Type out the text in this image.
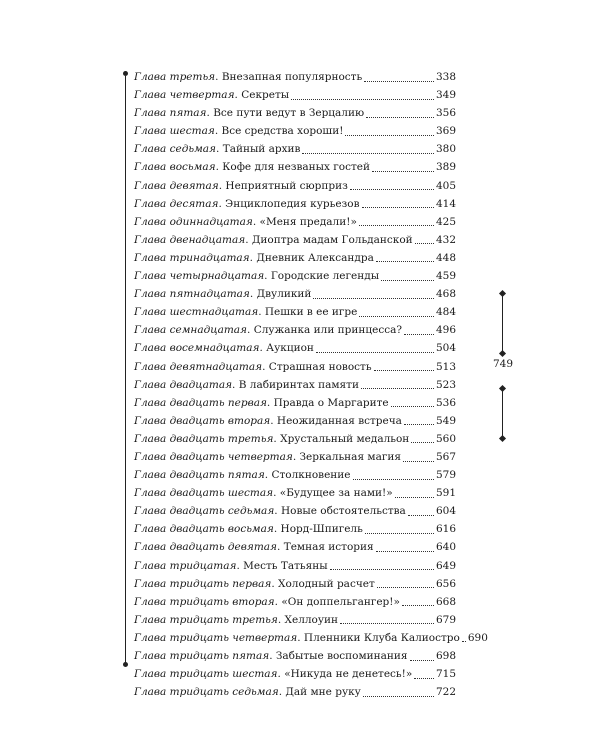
Глава третья . Внезапная популярность	338
Глава четвертая . Секреты	349
Глава пятая . Все пути ведут в Зерцалию	356
Глава шестая . Все средства хороши!	369
Глава седьмая . Тайный архив	380
Глава восьмая . Кофе для незваных гостей	389
Глава девятая . Неприятный сюрприз	405
Глава десятая . Энциклопедия курьезов	414
Глава одиннадцатая . «Меня предали!»	425
Глава двенадцатая . Диоптра мадам Гольданской 432
Глава тринадцатая . Дневник Александра	448
Глава четырнадцатая . Городские легенды	459
Глава пятнадцатая . Двуликий	468
Глава шестнадцатая . Пешки в ее игре	484
Глава семнадцатая . Служанка или принцесса?	496
Глава восемнадцатая . Аукцион	504
Глава девятнадцатая . Страшная новость	513
Глава двадцатая . В лабиринтах памяти	523
Глава двадцать первая . Правда о Маргарите	536
Глава двадцать вторая . Неожиданная встреча	549
Глава двадцать третья . Хрустальный медальон	560
Глава двадцать четвертая . Зеркальная магия	567
Глава двадцать пятая . Столкновение	579
Глава двадцать шестая . «Будущее за нами!»	591
Глава двадцать седьмая . Новые обстоятельства	604
Глава двадцать восьмая . Норд-Шпигель	616
Глава двадцать девятая . Темная история	640
Глава тридцатая . Месть Татьяны	649
Глава тридцать первая . Холодный расчет	656
Глава тридцать вторая . «Он доппельгангер!»	668
Глава тридцать третья . Хеллоуин	679
Глава тридцать четвертая . Пленники Клуба Калиостро 690
Глава тридцать пятая . Забытые воспоминания	698
Глава тридцать шестая . «Никуда не денетесь!» 715
Глава тридцать седьмая . Дай мне руку	722
749
